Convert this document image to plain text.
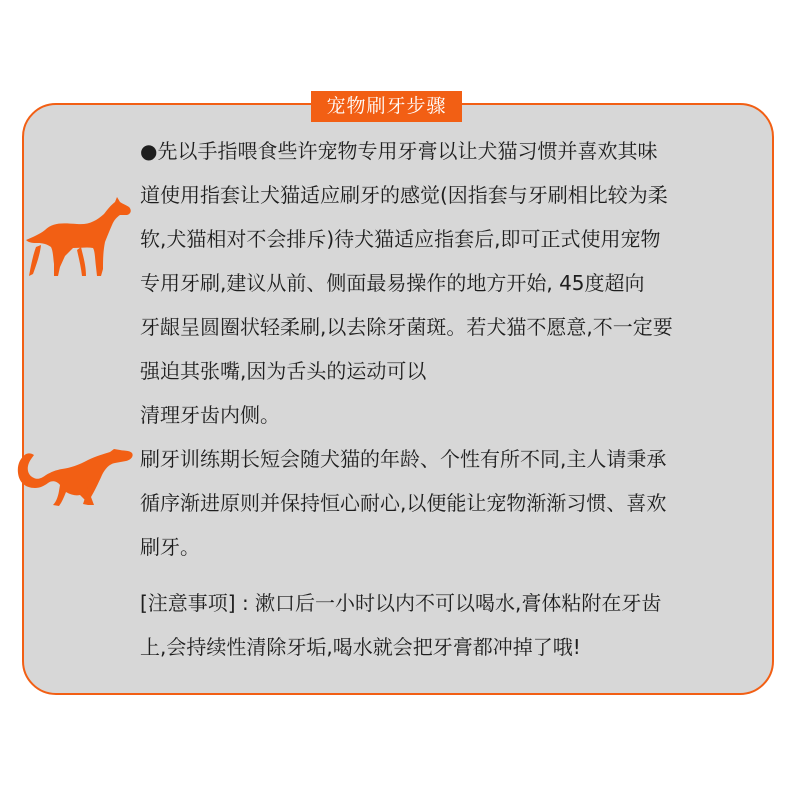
宠物刷牙步骤
●先以手指喂食些许宠物专用牙膏以让犬猫习惯并喜欢其味
道使用指套让犬猫适应刷牙的感觉(因指套与牙刷相比较为柔
软,犬猫相对不会排斥)待犬猫适应指套后,即可正式使用宠物
专用牙刷,建议从前、侧面最易操作的地方开始, 45度超向
牙龈呈圆圈状轻柔刷,以去除牙菌斑。若犬猫不愿意,不一定要
强迫其张嘴,因为舌头的运动可以
清理牙齿内侧。
刷牙训练期长短会随犬猫的年龄、个性有所不同,主人请秉承
循序渐进原则并保持恒心耐心,以便能让宠物渐渐习惯、喜欢
刷牙。
[注意事项] : 漱口后一小时以内不可以喝水,膏体粘附在牙齿
上,会持续性清除牙垢,喝水就会把牙膏都冲掉了哦!
